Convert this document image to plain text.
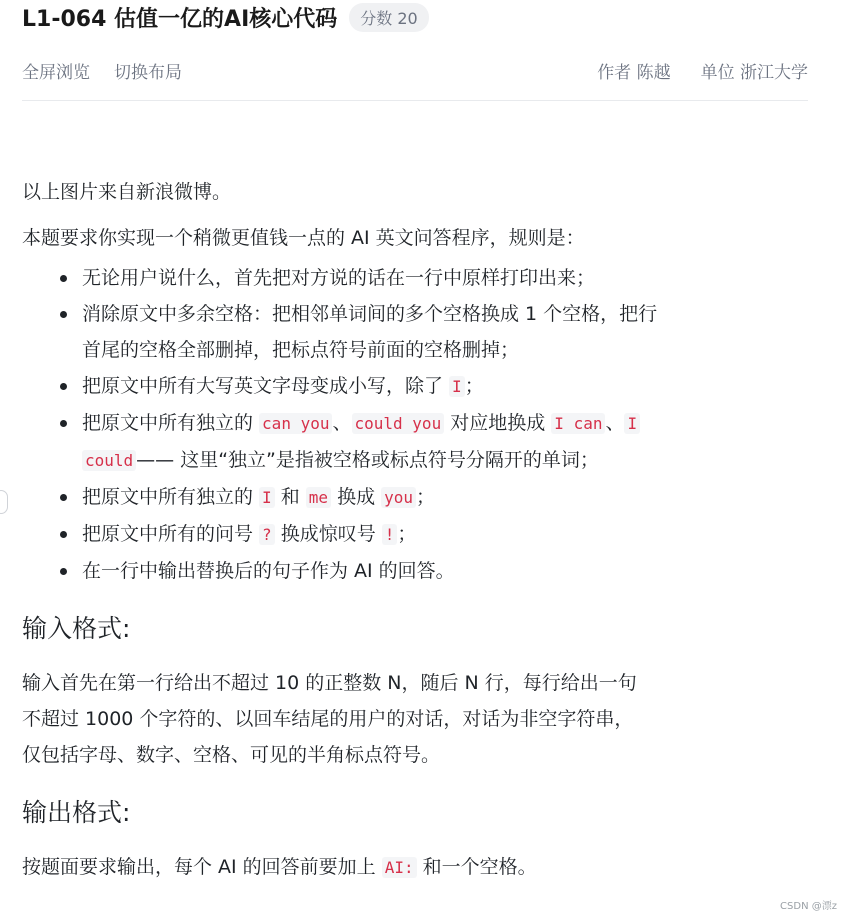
L1-064 估值一亿的AI核心代码	分数 20
全屏浏览 切换布局	作者 陈越 单位 浙江大学

以上图片来自新浪微博。

本题要求你实现一个稍微更值钱一点的 AI 英文问答程序，规则是：

无论用户说什么，首先把对方说的话在一行中原样打印出来；
消除原文中多余空格：把相邻单词间的多个空格换成 1 个空格，把行
首尾的空格全部删掉，把标点符号前面的空格删掉；
把原文中所有大写英文字母变成小写，除了 I ；
把原文中所有独立的 can you 、 could you 对应地换成 I can 、 I
could —— 这里“独立”是指被空格或标点符号分隔开的单词；
把原文中所有独立的 I 和 me 换成 you ；
把原文中所有的问号 ? 换成惊叹号 ! ；
在一行中输出替换后的句子作为 AI 的回答。
输入格式:
输入首先在第一行给出不超过 10 的正整数 N，随后 N 行，每行给出一句
不超过 1000 个字符的、以回车结尾的用户的对话，对话为非空字符串，
仅包括字母、数字、空格、可见的半角标点符号。
输出格式:
按题面要求输出，每个 AI 的回答前要加上 AI: 和一个空格。
CSDN @漂z
